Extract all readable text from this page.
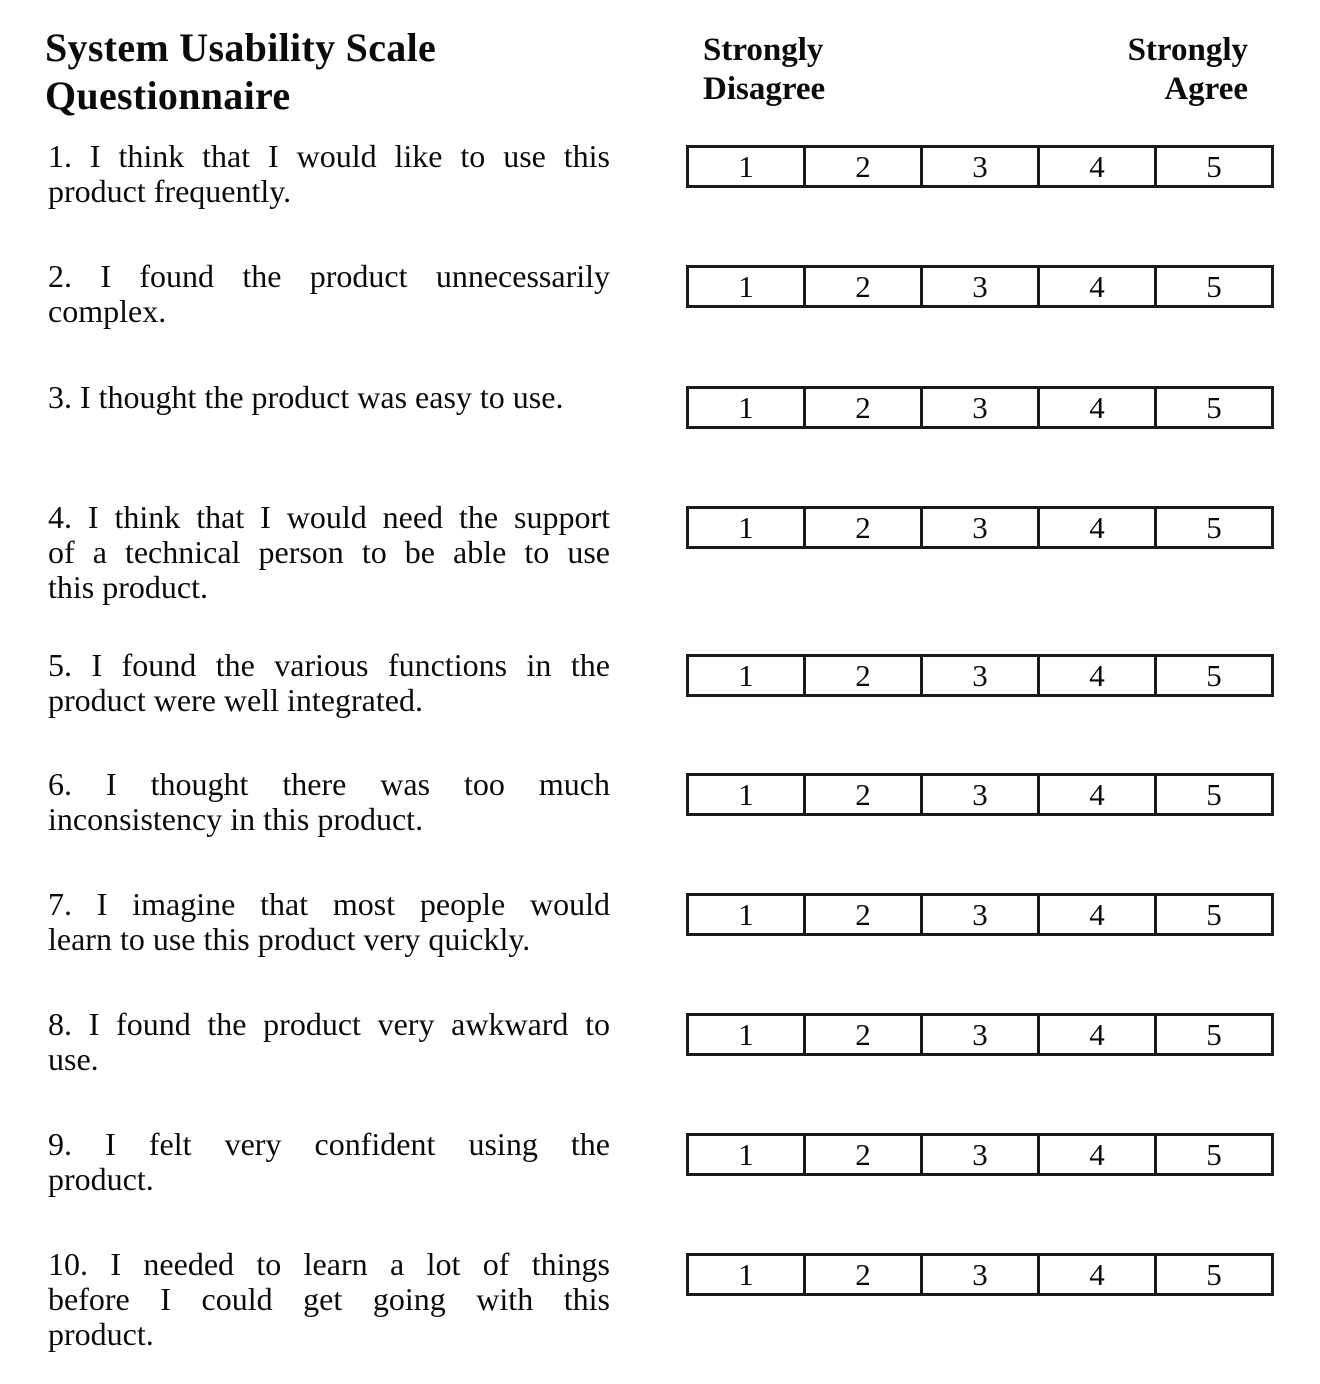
System Usability Scale
Questionnaire
Strongly
Disagree
Strongly
Agree
1. I think that I would like to use this
product frequently.
1	2	3	4	5
2. I found the product unnecessarily
complex.
1	2	3	4	5
3. I thought the product was easy to use.	1	2	3	4	5
4. I think that I would need the support
of a technical person to be able to use
this product.
1	2	3	4	5
5. I found the various functions in the
product were well integrated.
1	2	3	4	5
6. I thought there was too much
inconsistency in this product.
1	2	3	4	5
7. I imagine that most people would
learn to use this product very quickly.
1	2	3	4	5
8. I found the product very awkward to
use.
1	2	3	4	5
9. I felt very confident using the
product.
1	2	3	4	5
10. I needed to learn a lot of things
before I could get going with this
product.
1	2	3	4	5
